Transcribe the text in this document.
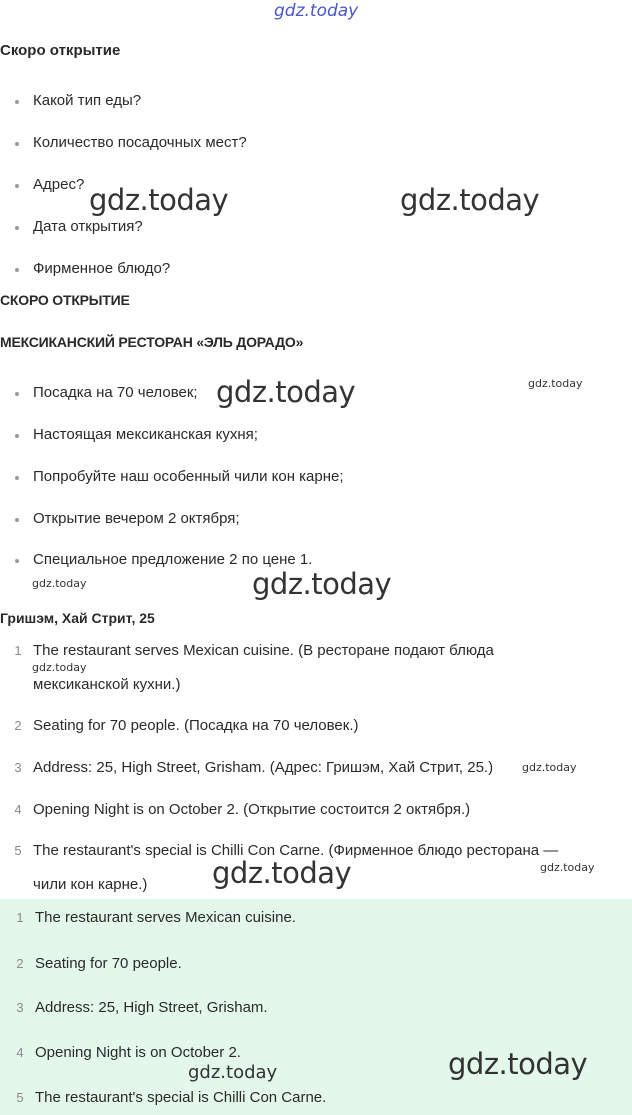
gdz.today
Скоро открытие
Какой тип еды?
Количество посадочных мест?
Адрес?
Дата открытия?
Фирменное блюдо?
СКОРО ОТКРЫТИЕ
МЕКСИКАНСКИЙ РЕСТОРАН «ЭЛЬ ДОРАДО»
Посадка на 70 человек;
Настоящая мексиканская кухня;
Попробуйте наш особенный чили кон карне;
Открытие вечером 2 октября;
Специальное предложение 2 по цене 1.
Гришэм, Хай Стрит, 25
1 The restaurant serves Mexican cuisine. (В ресторане подают блюда
мексиканской кухни.)
2 Seating for 70 people. (Посадка на 70 человек.)
3 Address: 25, High Street, Grisham. (Адрес: Гришэм, Хай Стрит, 25.)
4 Opening Night is on October 2. (Открытие состоится 2 октября.)
5 The restaurant's special is Chilli Con Carne. (Фирменное блюдо ресторана —
чили кон карне.)
1 The restaurant serves Mexican cuisine.
2 Seating for 70 people.
3 Address: 25, High Street, Grisham.
4 Opening Night is on October 2.
5 The restaurant's special is Chilli Con Carne.
gdz.today	gdz.today
gdz.today	gdz.today
gdz.today	gdz.today
gdz.today
gdz.today
gdz.today	gdz.today
gdz.today
gdz.today
